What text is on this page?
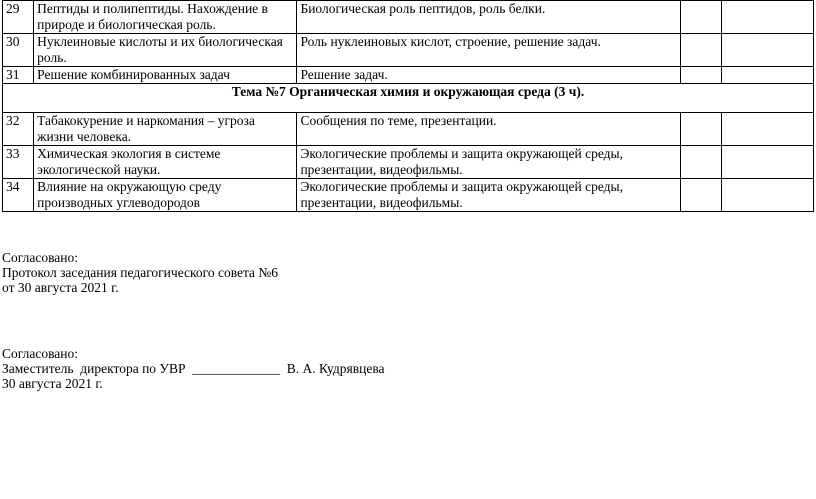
29	Пептиды и полипептиды. Нахождение в природе и биологическая роль.	Биологическая роль пептидов, роль белки.		
30	Нуклеиновые кислоты и их биологическая роль.	Роль нуклеиновых кислот, строение, решение задач.		
31	Решение комбинированных задач	Решение задач.		
Тема №7 Органическая химия и окружающая среда (3 ч).				
32	Табакокурение и наркомания – угроза жизни человека.	Сообщения по теме, презентации.		
33	Химическая экология в системе экологической науки.	Экологические проблемы и защита окружающей среды, презентации, видеофильмы.		
34	Влияние на окружающую среду производных углеводородов	Экологические проблемы и защита окружающей среды, презентации, видеофильмы.		
Согласовано:
Протокол заседания педагогического совета №6
от 30 августа 2021 г.
Согласовано:
Заместитель  директора по УВР  _____________  В. А. Кудрявцева
30 августа 2021 г.
